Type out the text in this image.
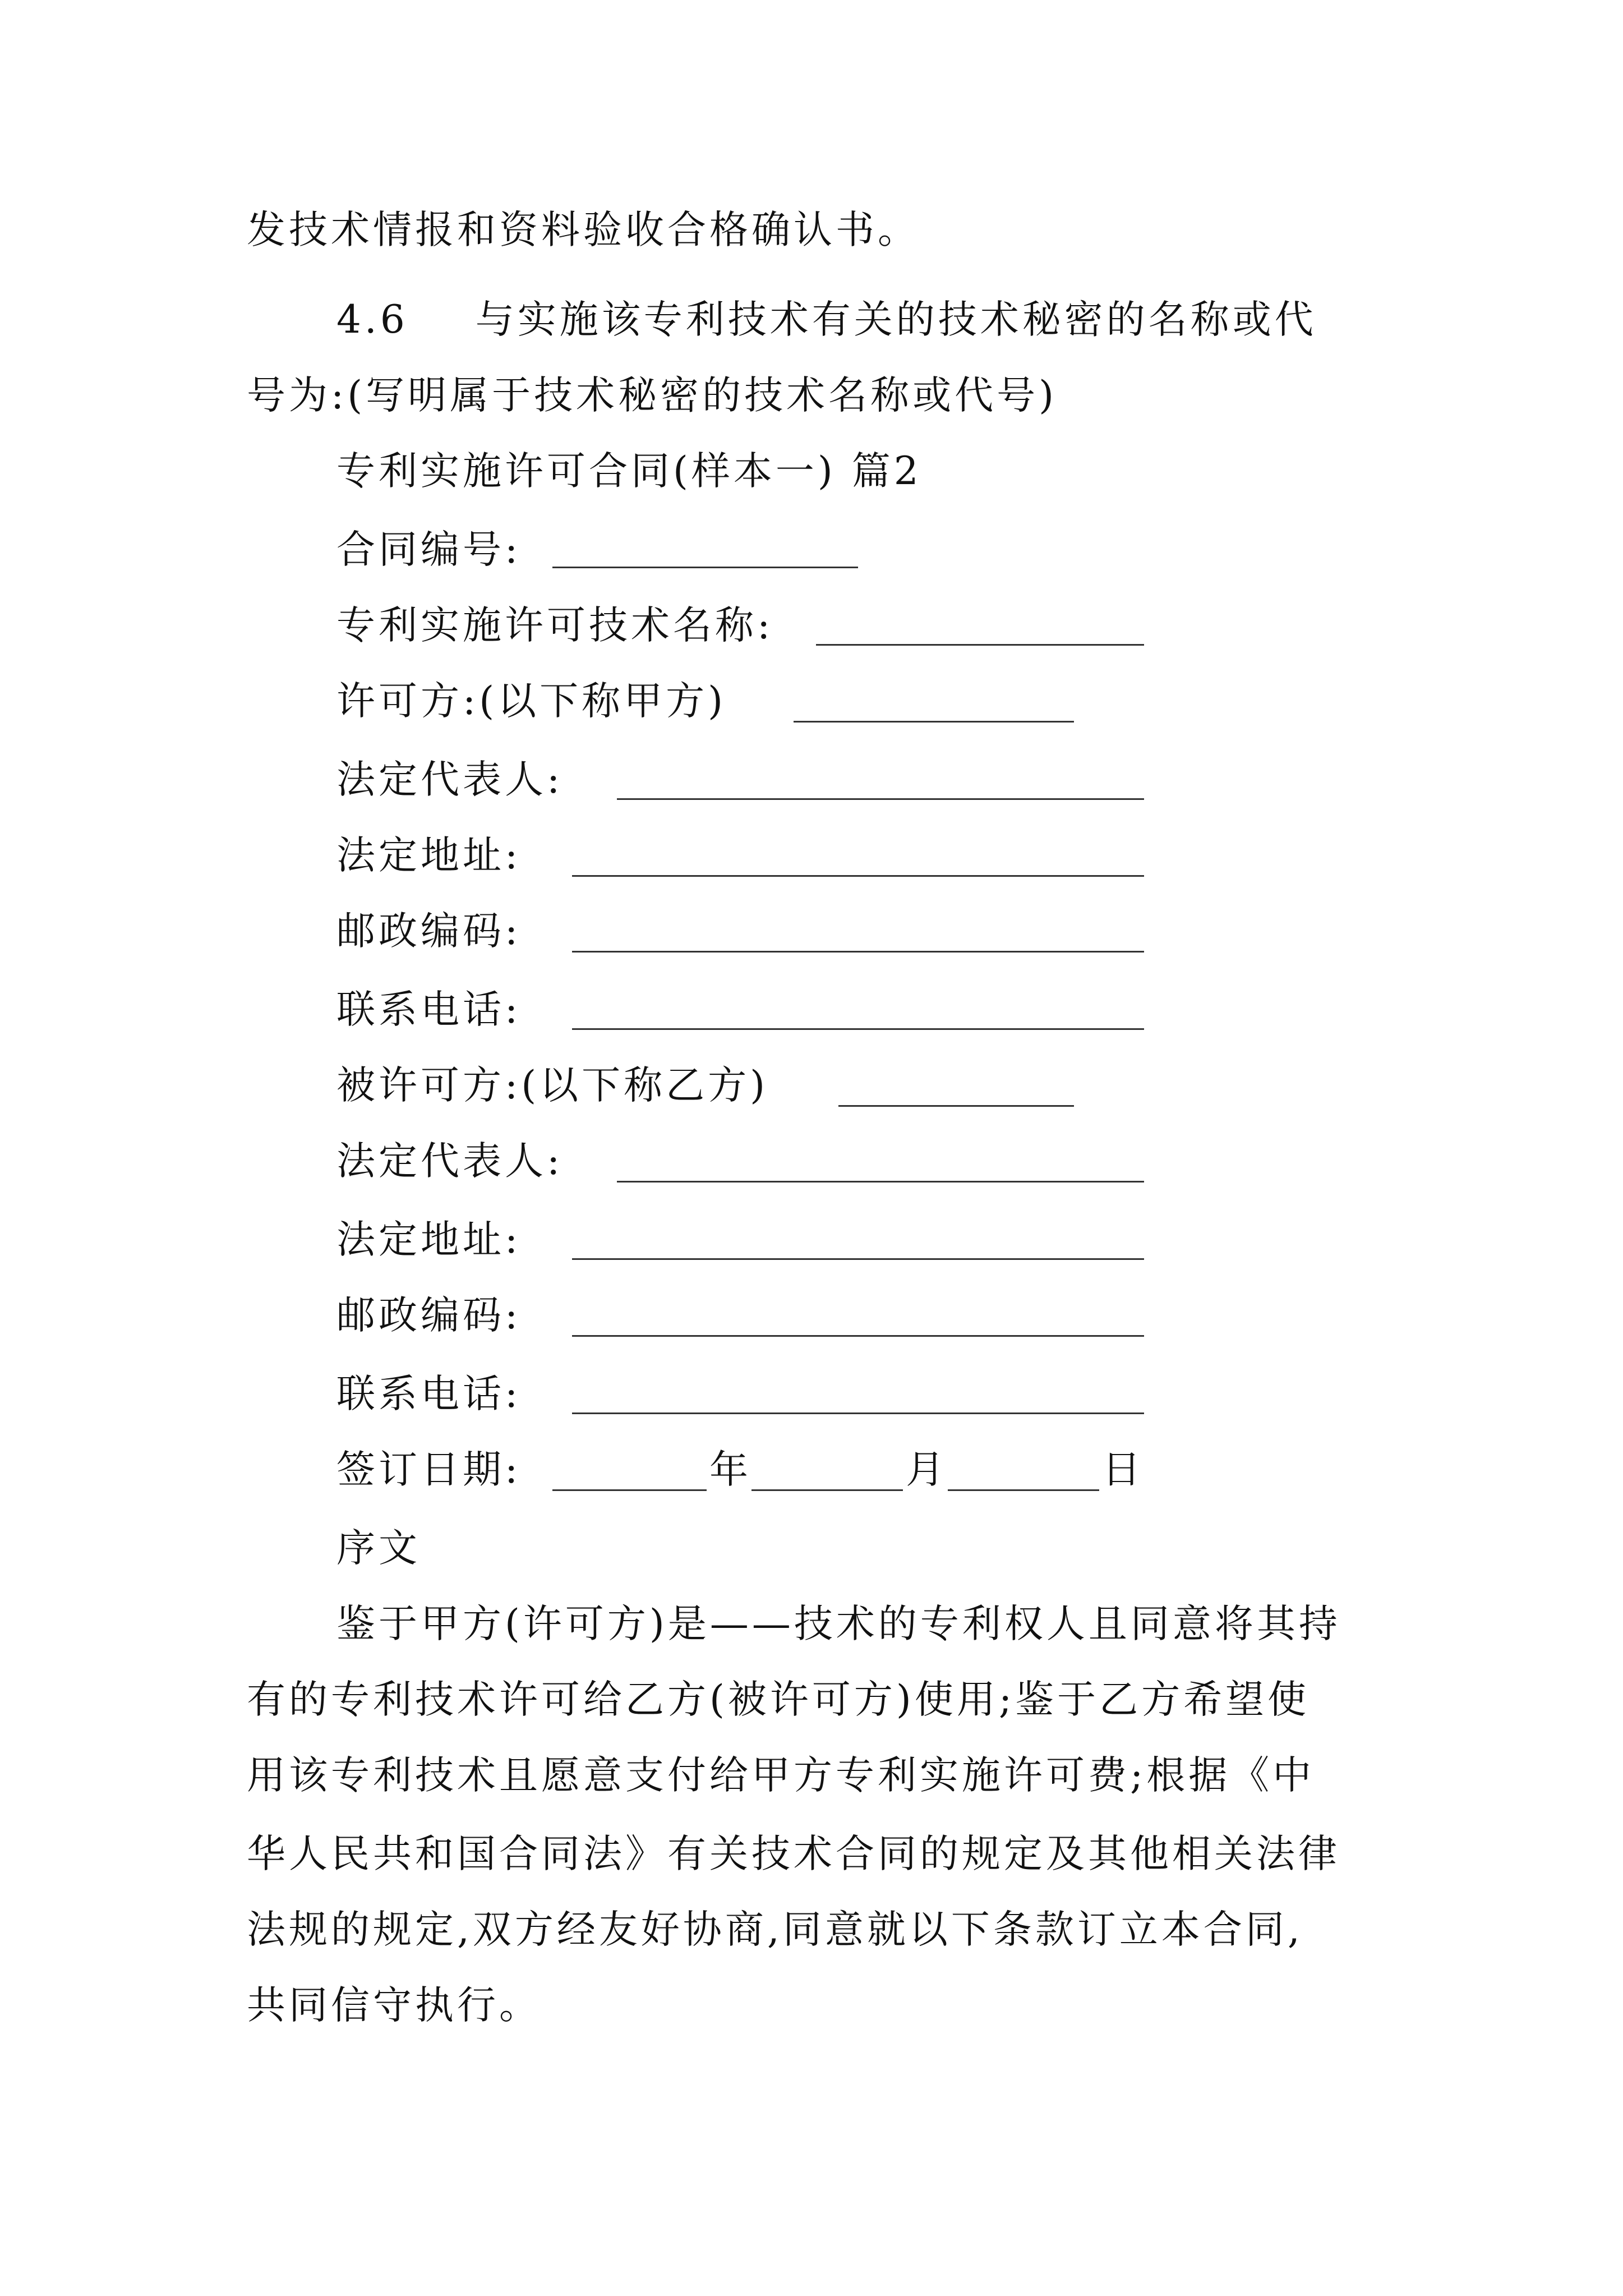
发技术情报和资料验收合格确认书。
4.6 与实施该专利技术有关的技术秘密的名称或代
号为:(写明属于技术秘密的技术名称或代号)
专利实施许可合同(样本一) 篇2
合同编号:
专利实施许可技术名称:
许可方:(以下称甲方)
法定代表人:
法定地址:
邮政编码:
联系电话:
被许可方:(以下称乙方)
法定代表人:
法定地址:
邮政编码:
联系电话:
签订日期:	年	月	日
序文
鉴于甲方(许可方)是——技术的专利权人且同意将其持
有的专利技术许可给乙方(被许可方)使用;鉴于乙方希望使
用该专利技术且愿意支付给甲方专利实施许可费;根据《中
华人民共和国合同法》有关技术合同的规定及其他相关法律
法规的规定,双方经友好协商,同意就以下条款订立本合同,
共同信守执行。
